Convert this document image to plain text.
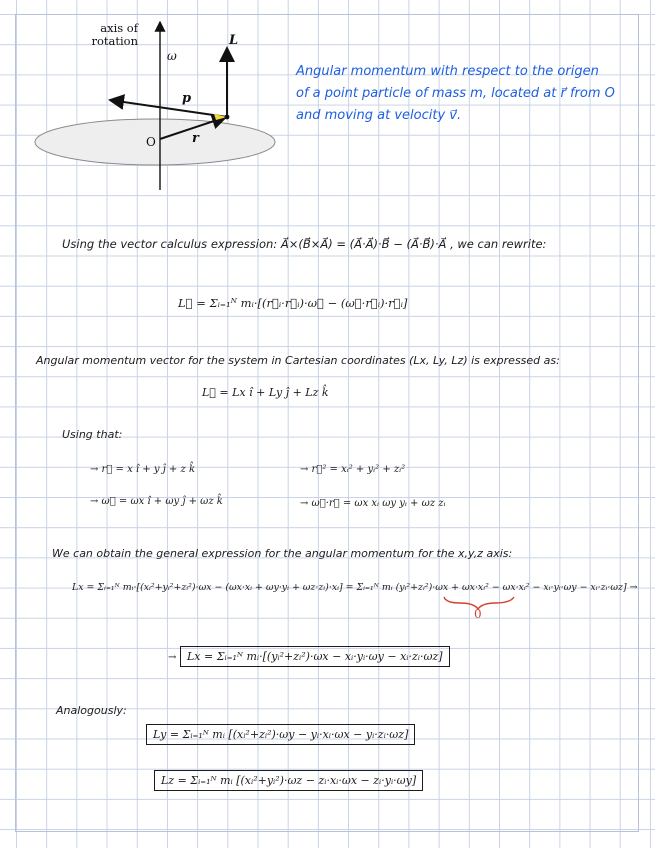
axis of
rotation
ω
L
p
r
O
Angular momentum with respect to the origen
of a point particle of mass m, located at r⃗ from O
and moving at velocity v⃗.
Using the vector calculus expression: A⃗×(B⃗×A⃗) = (A⃗·A⃗)·B⃗ − (A⃗·B⃗)·A⃗ , we can rewrite:
L⃗ = Σᵢ₌₁ᴺ mᵢ·[(r⃗ᵢ·r⃗ᵢ)·ω⃗ − (ω⃗·r⃗ᵢ)·r⃗ᵢ]
Angular momentum vector for the system in Cartesian coordinates (Lx, Ly, Lz) is expressed as:
L⃗ = Lx î + Ly ĵ + Lz k̂
Using that:
→ r⃗ = x î + y ĵ + z k̂	→ r⃗² = xᵢ² + yᵢ² + zᵢ²
→ ω⃗ = ωx î + ωy ĵ + ωz k̂	→ ω⃗·r⃗ = ωx xᵢ ωy yᵢ + ωz zᵢ
We can obtain the general expression for the angular momentum for the x,y,z axis:
Lx = Σᵢ₌₁ᴺ mᵢ·[(xᵢ²+yᵢ²+zᵢ²)·ωx − (ωx·xᵢ + ωy·yᵢ + ωz·zᵢ)·xᵢ] = Σᵢ₌₁ᴺ mᵢ (yᵢ²+zᵢ²)·ωx + ωx·xᵢ² − ωx·xᵢ² − xᵢ·yᵢ·ωy − xᵢ·zᵢ·ωz] →
0
Lx = Σᵢ₌₁ᴺ mᵢ·[(yᵢ²+zᵢ²)·ωx − xᵢ·yᵢ·ωy − xᵢ·zᵢ·ωz]
→
Analogously:
Ly = Σᵢ₌₁ᴺ mᵢ [(xᵢ²+zᵢ²)·ωy − yᵢ·xᵢ·ωx − yᵢ·zᵢ·ωz]
Lz = Σᵢ₌₁ᴺ mᵢ [(xᵢ²+yᵢ²)·ωz − zᵢ·xᵢ·ωx − zᵢ·yᵢ·ωy]
